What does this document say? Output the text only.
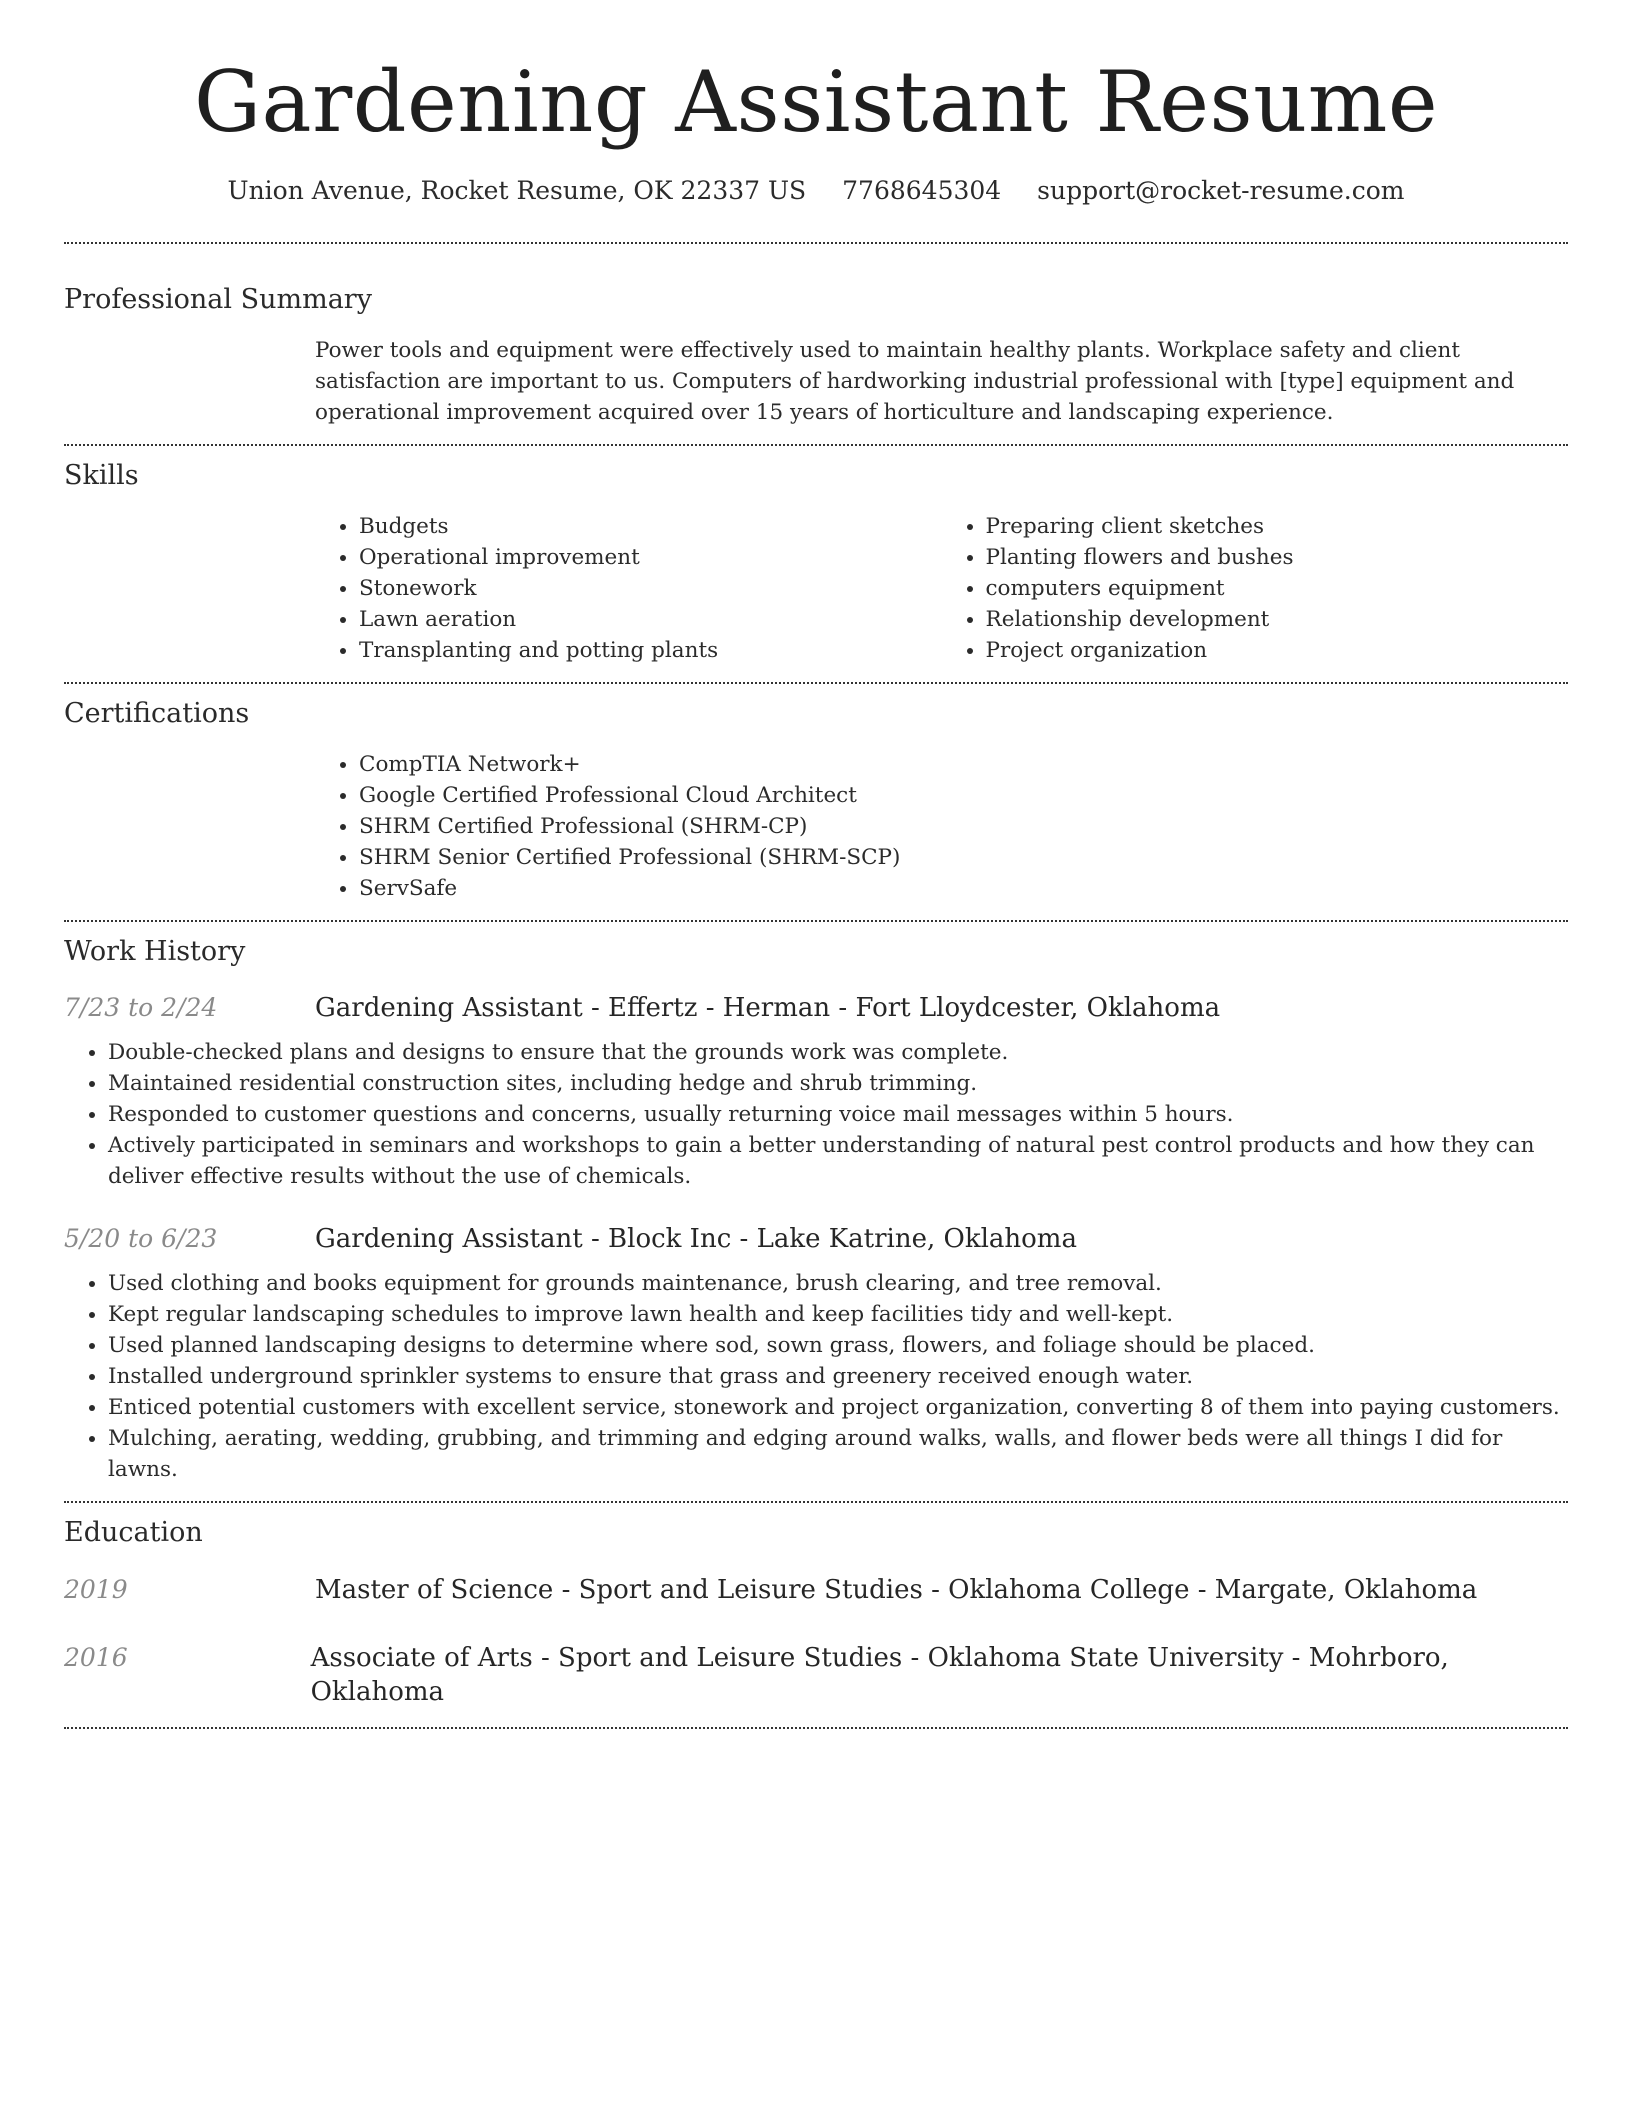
Gardening Assistant Resume
Union Avenue, Rocket Resume, OK 22337 US 7768645304 support@rocket-resume.com
Professional Summary
Power tools and equipment were effectively used to maintain healthy plants. Workplace safety and client satisfaction are important to us. Computers of hardworking industrial professional with [type] equipment and operational improvement acquired over 15 years of horticulture and landscaping experience.
Skills
• Budgets
• Operational improvement
• Stonework
• Lawn aeration
• Transplanting and potting plants
• Preparing client sketches
• Planting flowers and bushes
• computers equipment
• Relationship development
• Project organization
Certifications
• CompTIA Network+
• Google Certified Professional Cloud Architect
• SHRM Certified Professional (SHRM-CP)
• SHRM Senior Certified Professional (SHRM-SCP)
• ServSafe
Work History
7/23 to 2/24	Gardening Assistant - Effertz - Herman - Fort Lloydcester, Oklahoma
• Double-checked plans and designs to ensure that the grounds work was complete.
• Maintained residential construction sites, including hedge and shrub trimming.
• Responded to customer questions and concerns, usually returning voice mail messages within 5 hours.
• Actively participated in seminars and workshops to gain a better understanding of natural pest control products and how they can deliver effective results without the use of chemicals.
5/20 to 6/23	Gardening Assistant - Block Inc - Lake Katrine, Oklahoma
• Used clothing and books equipment for grounds maintenance, brush clearing, and tree removal.
• Kept regular landscaping schedules to improve lawn health and keep facilities tidy and well-kept.
• Used planned landscaping designs to determine where sod, sown grass, flowers, and foliage should be placed.
• Installed underground sprinkler systems to ensure that grass and greenery received enough water.
• Enticed potential customers with excellent service, stonework and project organization, converting 8 of them into paying customers.
• Mulching, aerating, wedding, grubbing, and trimming and edging around walks, walls, and flower beds were all things I did for lawns.
Education
2019	Master of Science - Sport and Leisure Studies - Oklahoma College - Margate, Oklahoma
2016	Associate of Arts - Sport and Leisure Studies - Oklahoma State University - Mohrboro, Oklahoma
